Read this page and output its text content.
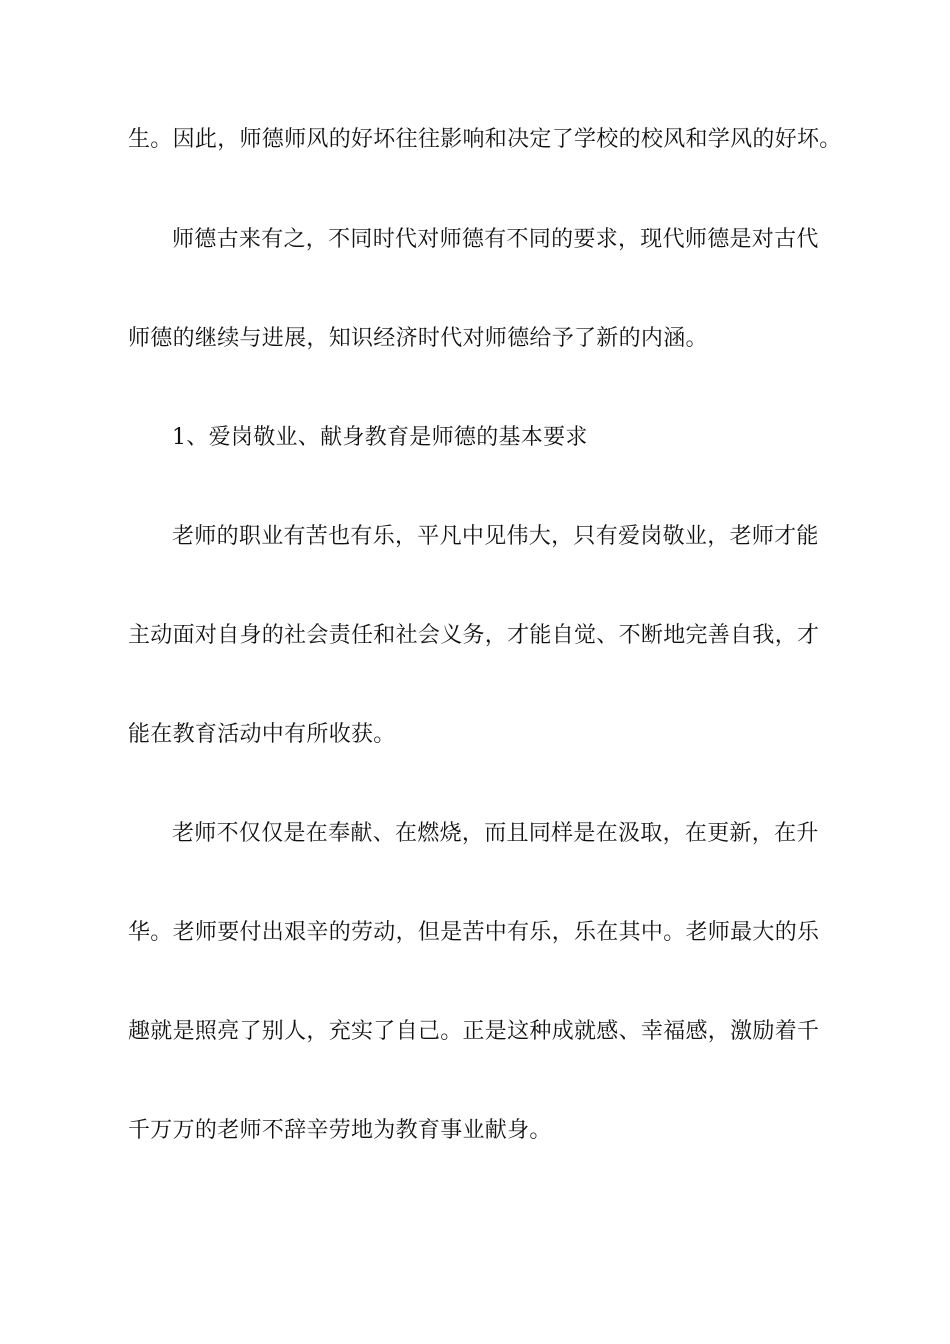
生。因此，师德师风的好坏往往影响和决定了学校的校风和学风的好坏。
师德古来有之，不同时代对师德有不同的要求，现代师德是对古代
师德的继续与进展，知识经济时代对师德给予了新的内涵。
1、爱岗敬业、献身教育是师德的基本要求
老师的职业有苦也有乐，平凡中见伟大，只有爱岗敬业，老师才能
主动面对自身的社会责任和社会义务，才能自觉、不断地完善自我，才
能在教育活动中有所收获。
老师不仅仅是在奉献、在燃烧，而且同样是在汲取，在更新，在升
华。老师要付出艰辛的劳动，但是苦中有乐，乐在其中。老师最大的乐
趣就是照亮了别人，充实了自己。正是这种成就感、幸福感，激励着千
千万万的老师不辞辛劳地为教育事业献身。
